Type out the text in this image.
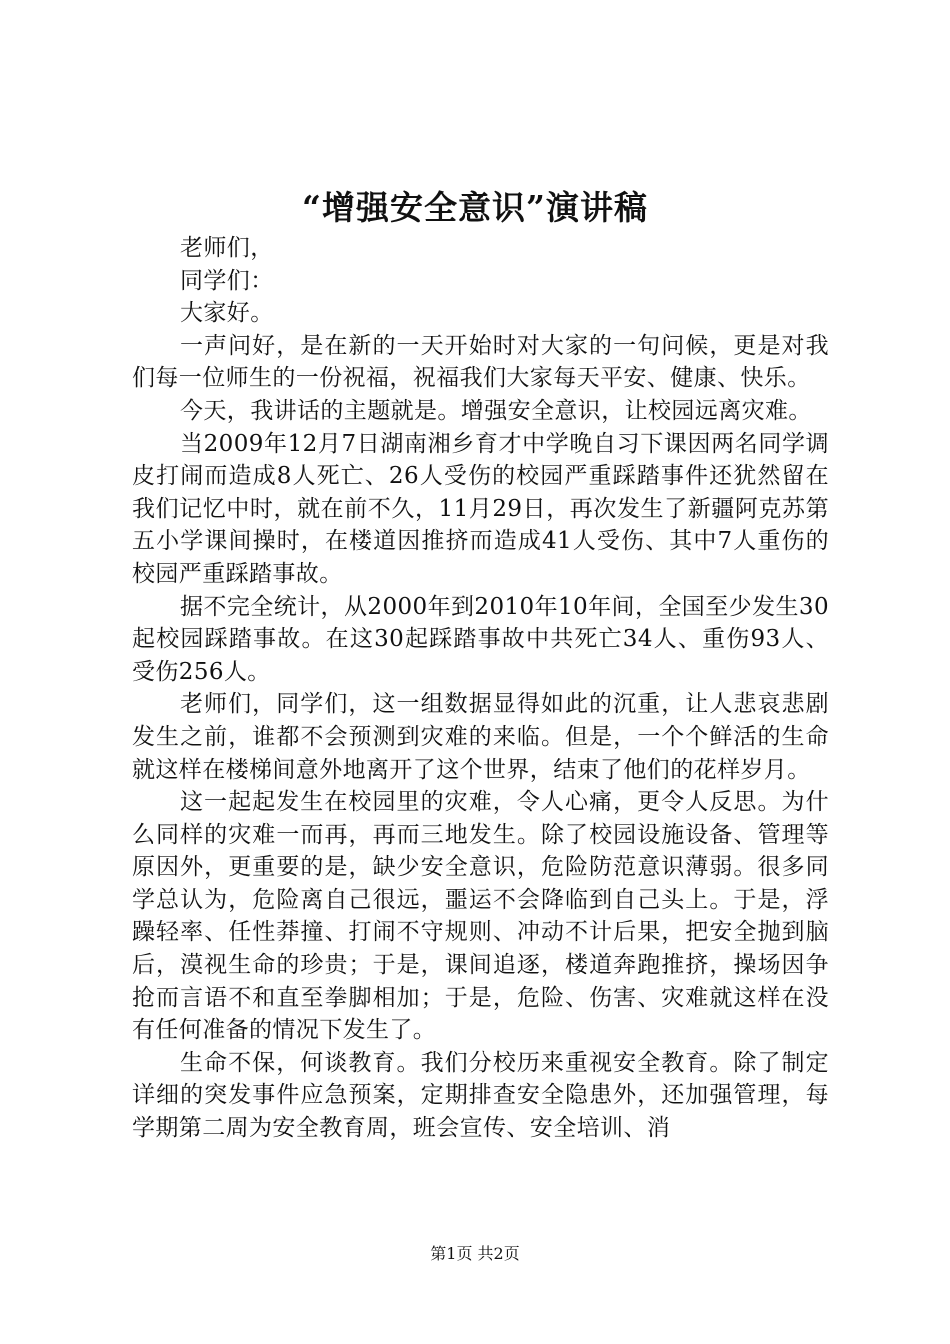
“增强安全意识”演讲稿

老师们，

同学们：

大家好。

一声问好，是在新的一天开始时对大家的一句问候，更是对我们每一位师生的一份祝福，祝福我们大家每天平安、健康、快乐。

今天，我讲话的主题就是。增强安全意识，让校园远离灾难。

当2009年12月7日湖南湘乡育才中学晚自习下课因两名同学调皮打闹而造成8人死亡、26人受伤的校园严重踩踏事件还犹然留在我们记忆中时，就在前不久，11月29日，再次发生了新疆阿克苏第五小学课间操时，在楼道因推挤而造成41人受伤、其中7人重伤的校园严重踩踏事故。

据不完全统计，从2000年到2010年10年间，全国至少发生30起校园踩踏事故。在这30起踩踏事故中共死亡34人、重伤93人、受伤256人。

老师们，同学们，这一组数据显得如此的沉重，让人悲哀悲剧发生之前，谁都不会预测到灾难的来临。但是，一个个鲜活的生命就这样在楼梯间意外地离开了这个世界，结束了他们的花样岁月。

这一起起发生在校园里的灾难，令人心痛，更令人反思。为什么同样的灾难一而再，再而三地发生。除了校园设施设备、管理等原因外，更重要的是，缺少安全意识，危险防范意识薄弱。很多同学总认为，危险离自己很远，噩运不会降临到自己头上。于是，浮躁轻率、任性莽撞、打闹不守规则、冲动不计后果，把安全抛到脑后，漠视生命的珍贵；于是，课间追逐，楼道奔跑推挤，操场因争抢而言语不和直至拳脚相加；于是，危险、伤害、灾难就这样在没有任何准备的情况下发生了。

生命不保，何谈教育。我们分校历来重视安全教育。除了制定详细的突发事件应急预案，定期排查安全隐患外，还加强管理，每学期第二周为安全教育周，班会宣传、安全培训、消

第1页 共2页
